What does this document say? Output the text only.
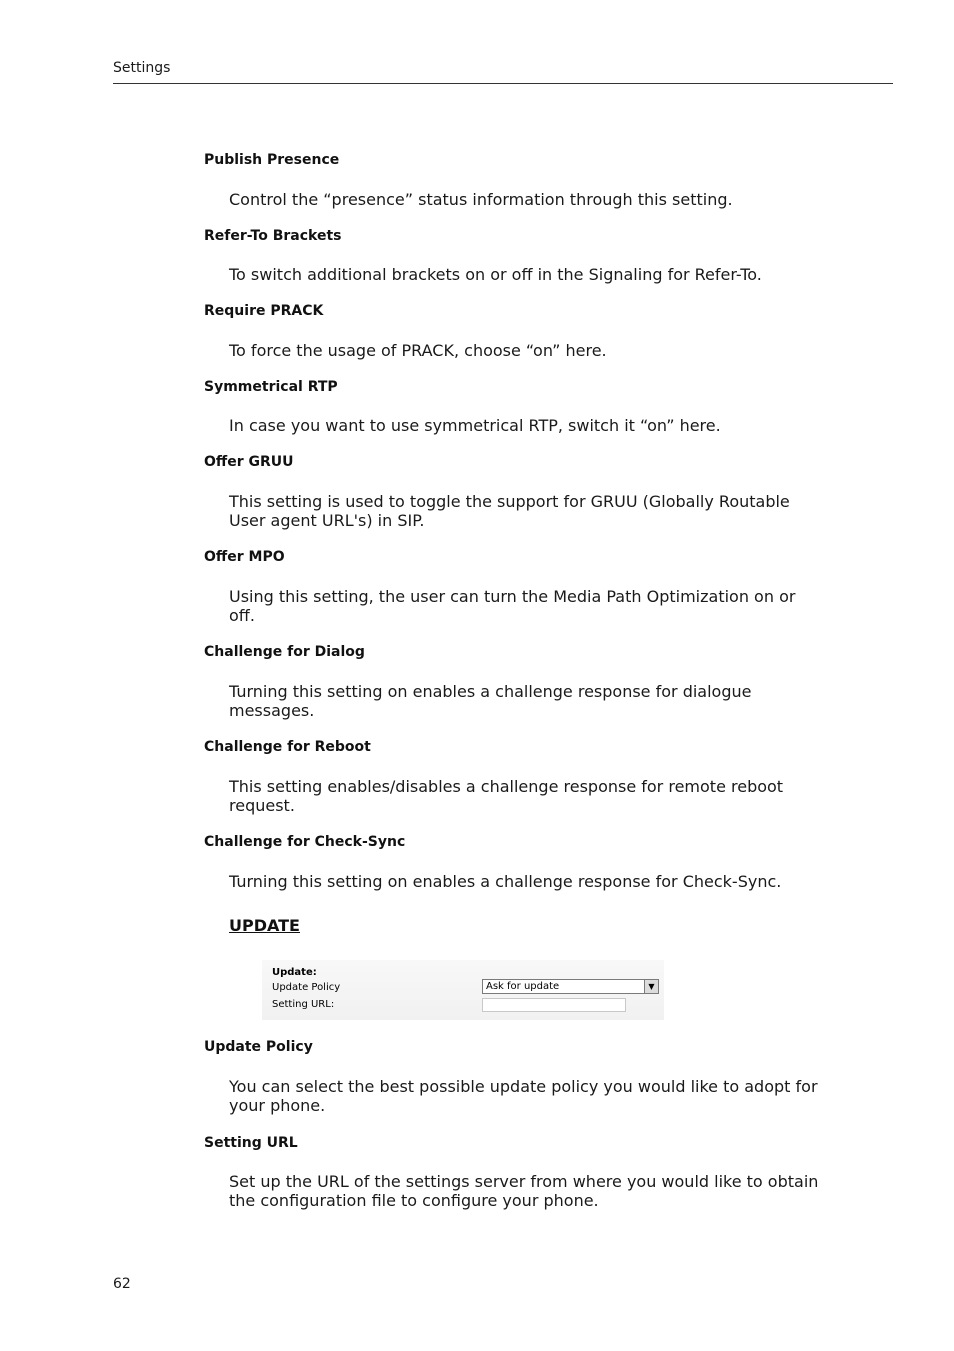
Settings
Publish Presence
Control the “presence” status information through this setting.
Refer-To Brackets
To switch additional brackets on or off in the Signaling for Refer-To.
Require PRACK
To force the usage of PRACK, choose “on” here.
Symmetrical RTP
In case you want to use symmetrical RTP, switch it “on” here.
Offer GRUU
This setting is used to toggle the support for GRUU (Globally Routable User agent URL's) in SIP.
Offer MPO
Using this setting, the user can turn the Media Path Optimization on or off.
Challenge for Dialog
Turning this setting on enables a challenge response for dialogue messages.
Challenge for Reboot
This setting enables/disables a challenge response for remote reboot request.
Challenge for Check-Sync
Turning this setting on enables a challenge response for Check-Sync.
UPDATE
Update:
Update Policy
Setting URL:
Ask for update	▼
Update Policy
You can select the best possible update policy you would like to adopt for your phone.
Setting URL
Set up the URL of the settings server from where you would like to obtain the configuration file to configure your phone.
62
